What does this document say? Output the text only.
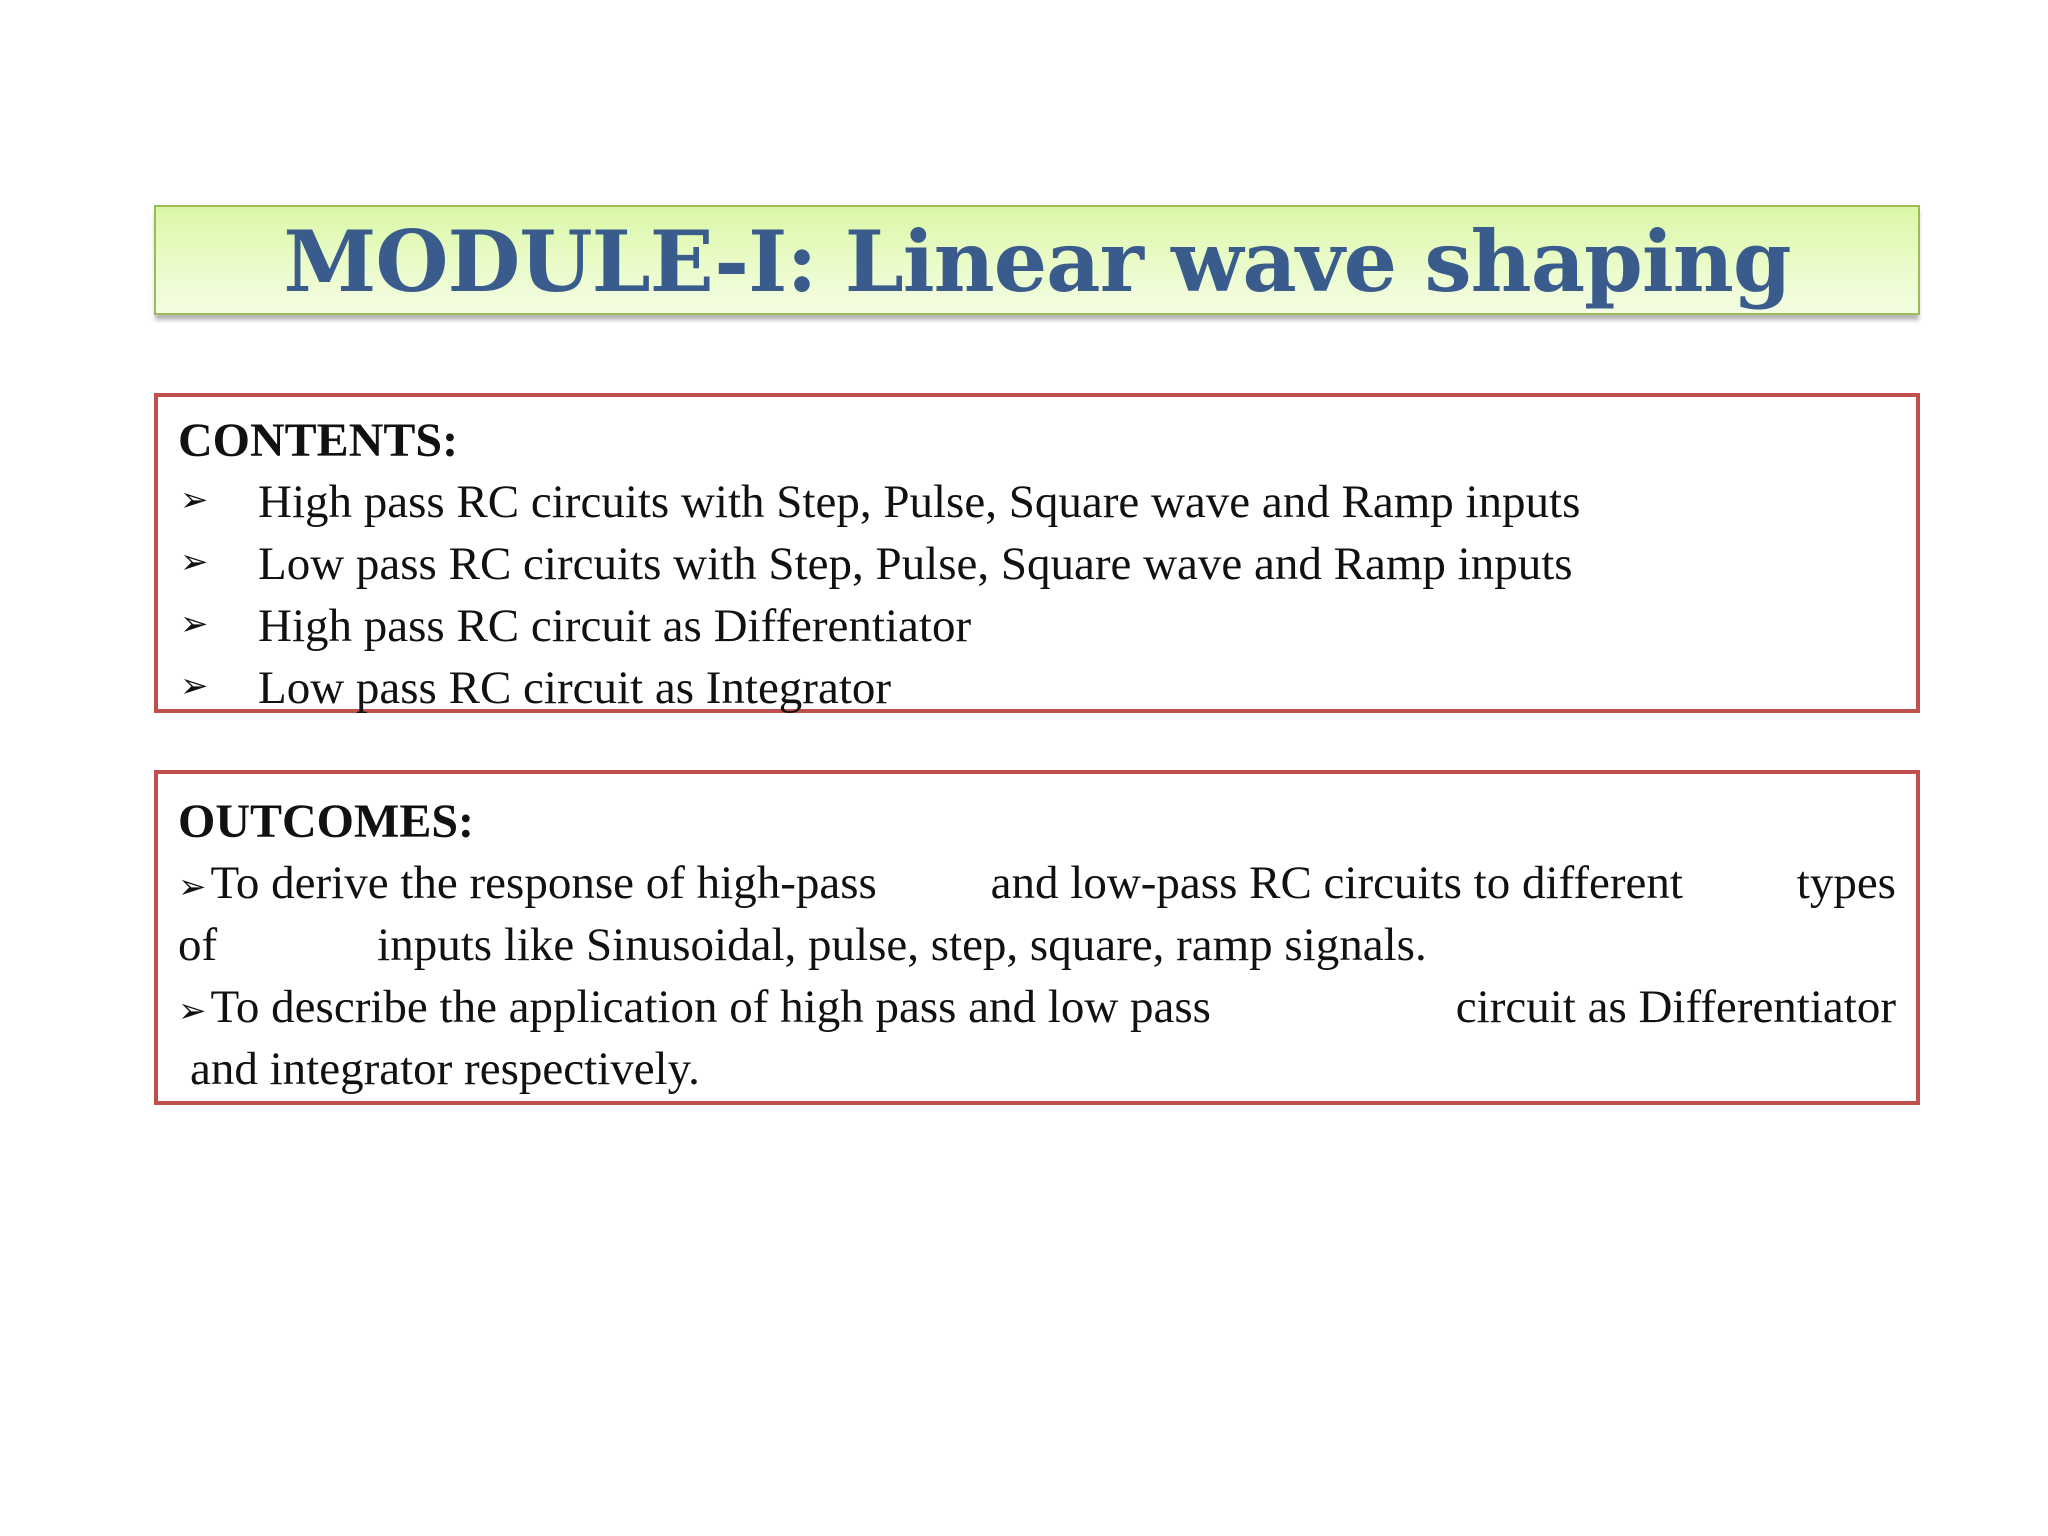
MODULE-I: Linear wave shaping
CONTENTS:
➢ High pass RC circuits with Step, Pulse, Square wave and Ramp inputs
➢ Low pass RC circuits with Step, Pulse, Square wave and Ramp inputs
➢ High pass RC circuit as Differentiator
➢ Low pass RC circuit as Integrator
OUTCOMES:
➢To derive the response of high-pass and low-pass RC circuits to different types
of	inputs like Sinusoidal, pulse, step, square, ramp signals.
➢To describe the application of high pass and low pass	circuit as Differentiator
and integrator respectively.
